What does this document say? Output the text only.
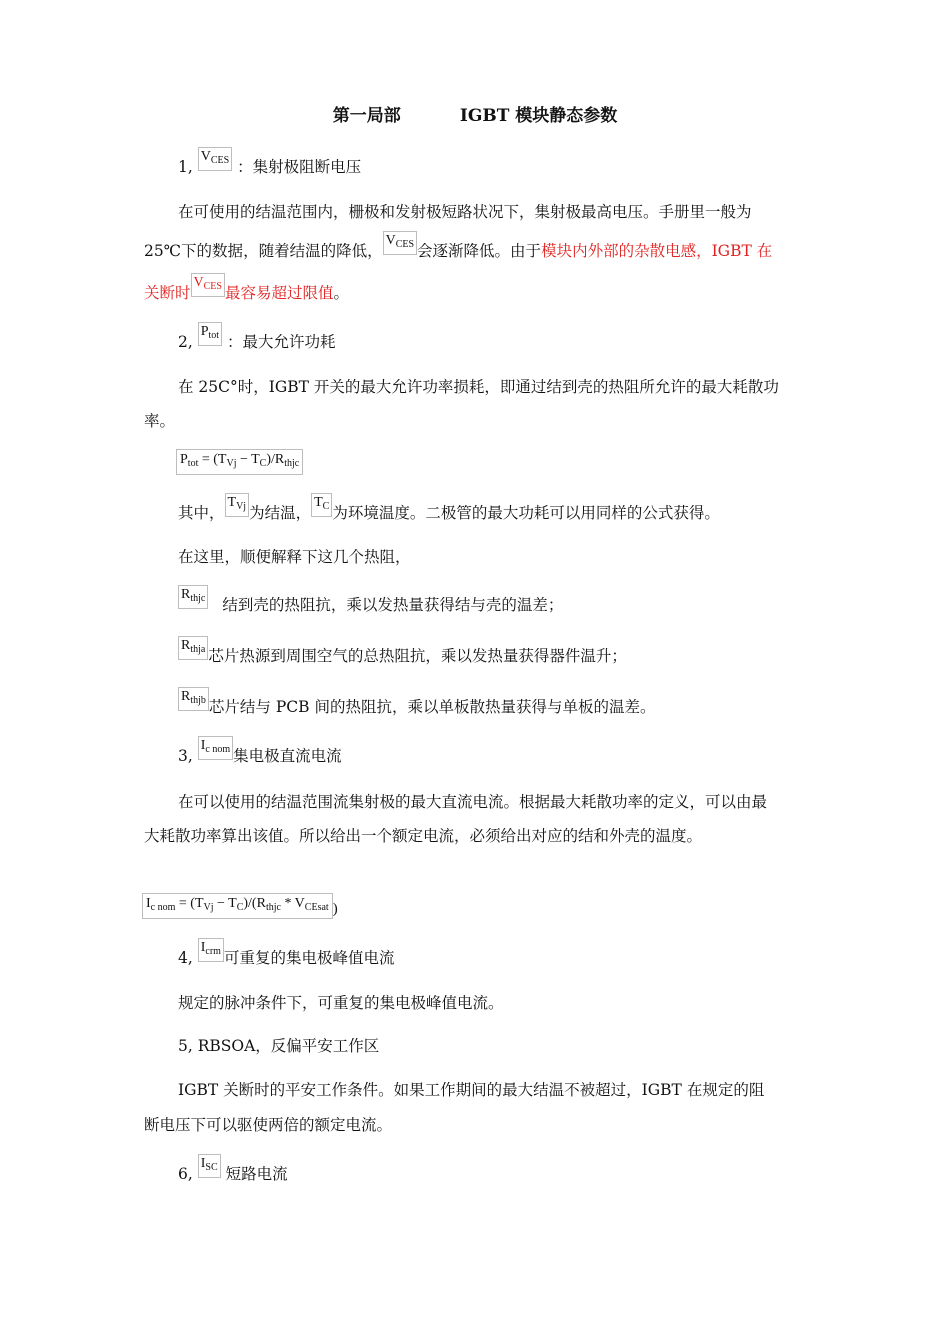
第一局部          IGBT 模块静态参数
1, $V_{CES}$ ：集射极阻断电压
在可使用的结温范围内，栅极和发射极短路状况下，集射极最高电压。手册里一般为
25℃下的数据，随着结温的降低，$V_{CES}$ 会逐渐降低。由于模块内外部的杂散电感，IGBT 在
关断时$V_{CES}$ 最容易超过限值。
2, $P_{tot}$ ：最大允许功耗
在 25C°时，IGBT 开关的最大允许功率损耗，即通过结到壳的热阻所允许的最大耗散功
率。
$P_{tot} = (T_{Vj} - T_C)/R_{thjc}$
其中，$T_{Vj}$ 为结温，$T_C$ 为环境温度。二极管的最大功耗可以用同样的公式获得。
在这里，顺便解释下这几个热阻，
$R_{thjc}$ 结到壳的热阻抗，乘以发热量获得结与壳的温差；
$R_{thja}$ 芯片热源到周围空气的总热阻抗，乘以发热量获得器件温升；
$R_{thjb}$ 芯片结与 PCB 间的热阻抗，乘以单板散热量获得与单板的温差。
3, $I_{c nom}$ 集电极直流电流
在可以使用的结温范围流集射极的最大直流电流。根据最大耗散功率的定义，可以由最
大耗散功率算出该值。所以给出一个额定电流，必须给出对应的结和外壳的温度。
$I_{c nom} = (T_{Vj} - T_C)/(R_{thjc} * V_{CEsat}$ )
4, $I_{crm}$ 可重复的集电极峰值电流
规定的脉冲条件下，可重复的集电极峰值电流。
5, RBSOA，反偏平安工作区
IGBT 关断时的平安工作条件。如果工作期间的最大结温不被超过，IGBT 在规定的阻
断电压下可以驱使两倍的额定电流。
6, $I_{SC}$ 短路电流
